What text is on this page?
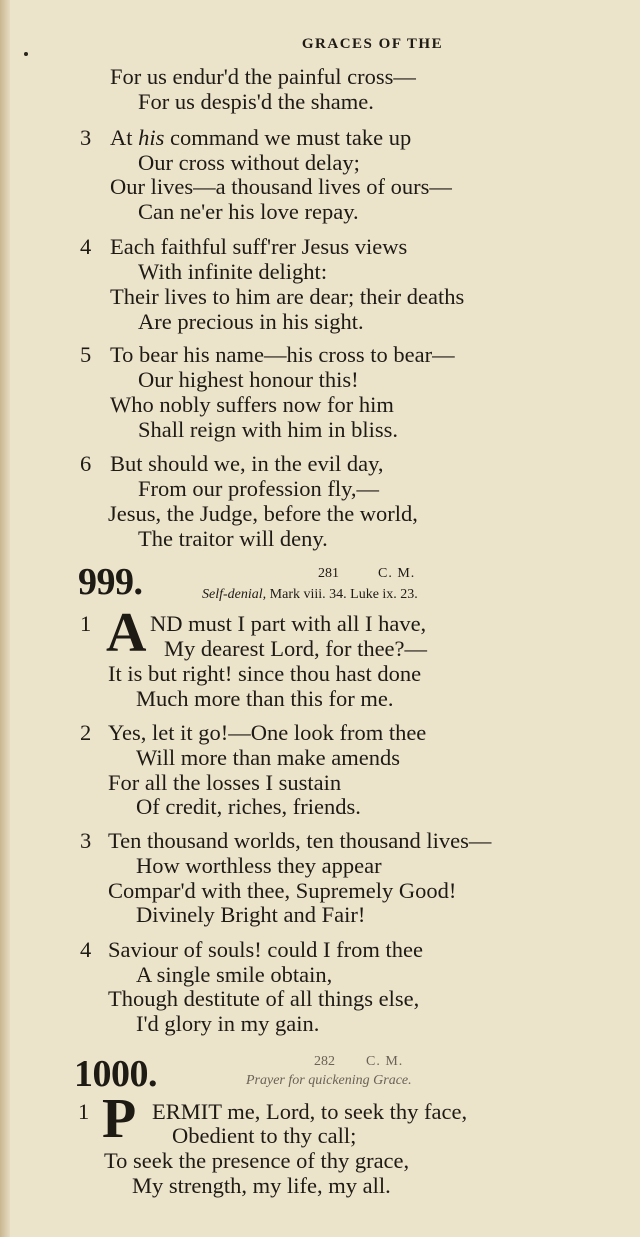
GRACES OF THE
For us endur'd the painful cross—
For us despis'd the shame.
3 At his command we must take up
Our cross without delay;
Our lives—a thousand lives of ours—
Can ne'er his love repay.
4 Each faithful suff'rer Jesus views
With infinite delight:
Their lives to him are dear; their deaths
Are precious in his sight.
5 To bear his name—his cross to bear—
Our highest honour this!
Who nobly suffers now for him
Shall reign with him in bliss.
6 But should we, in the evil day,
From our profession fly,—
Jesus, the Judge, before the world,
The traitor will deny.
999.	281	C. M.
Self-denial, Mark viii. 34. Luke ix. 23.
1 A ND must I part with all I have,
My dearest Lord, for thee?—
It is but right! since thou hast done
Much more than this for me.
2 Yes, let it go!—One look from thee
Will more than make amends
For all the losses I sustain
Of credit, riches, friends.
3 Ten thousand worlds, ten thousand lives—
How worthless they appear
Compar'd with thee, Supremely Good!
Divinely Bright and Fair!
4 Saviour of souls! could I from thee
A single smile obtain,
Though destitute of all things else,
I'd glory in my gain.
1000.	282 C. M.
Prayer for quickening Grace.
1 P ERMIT me, Lord, to seek thy face,
Obedient to thy call;
To seek the presence of thy grace,
My strength, my life, my all.
